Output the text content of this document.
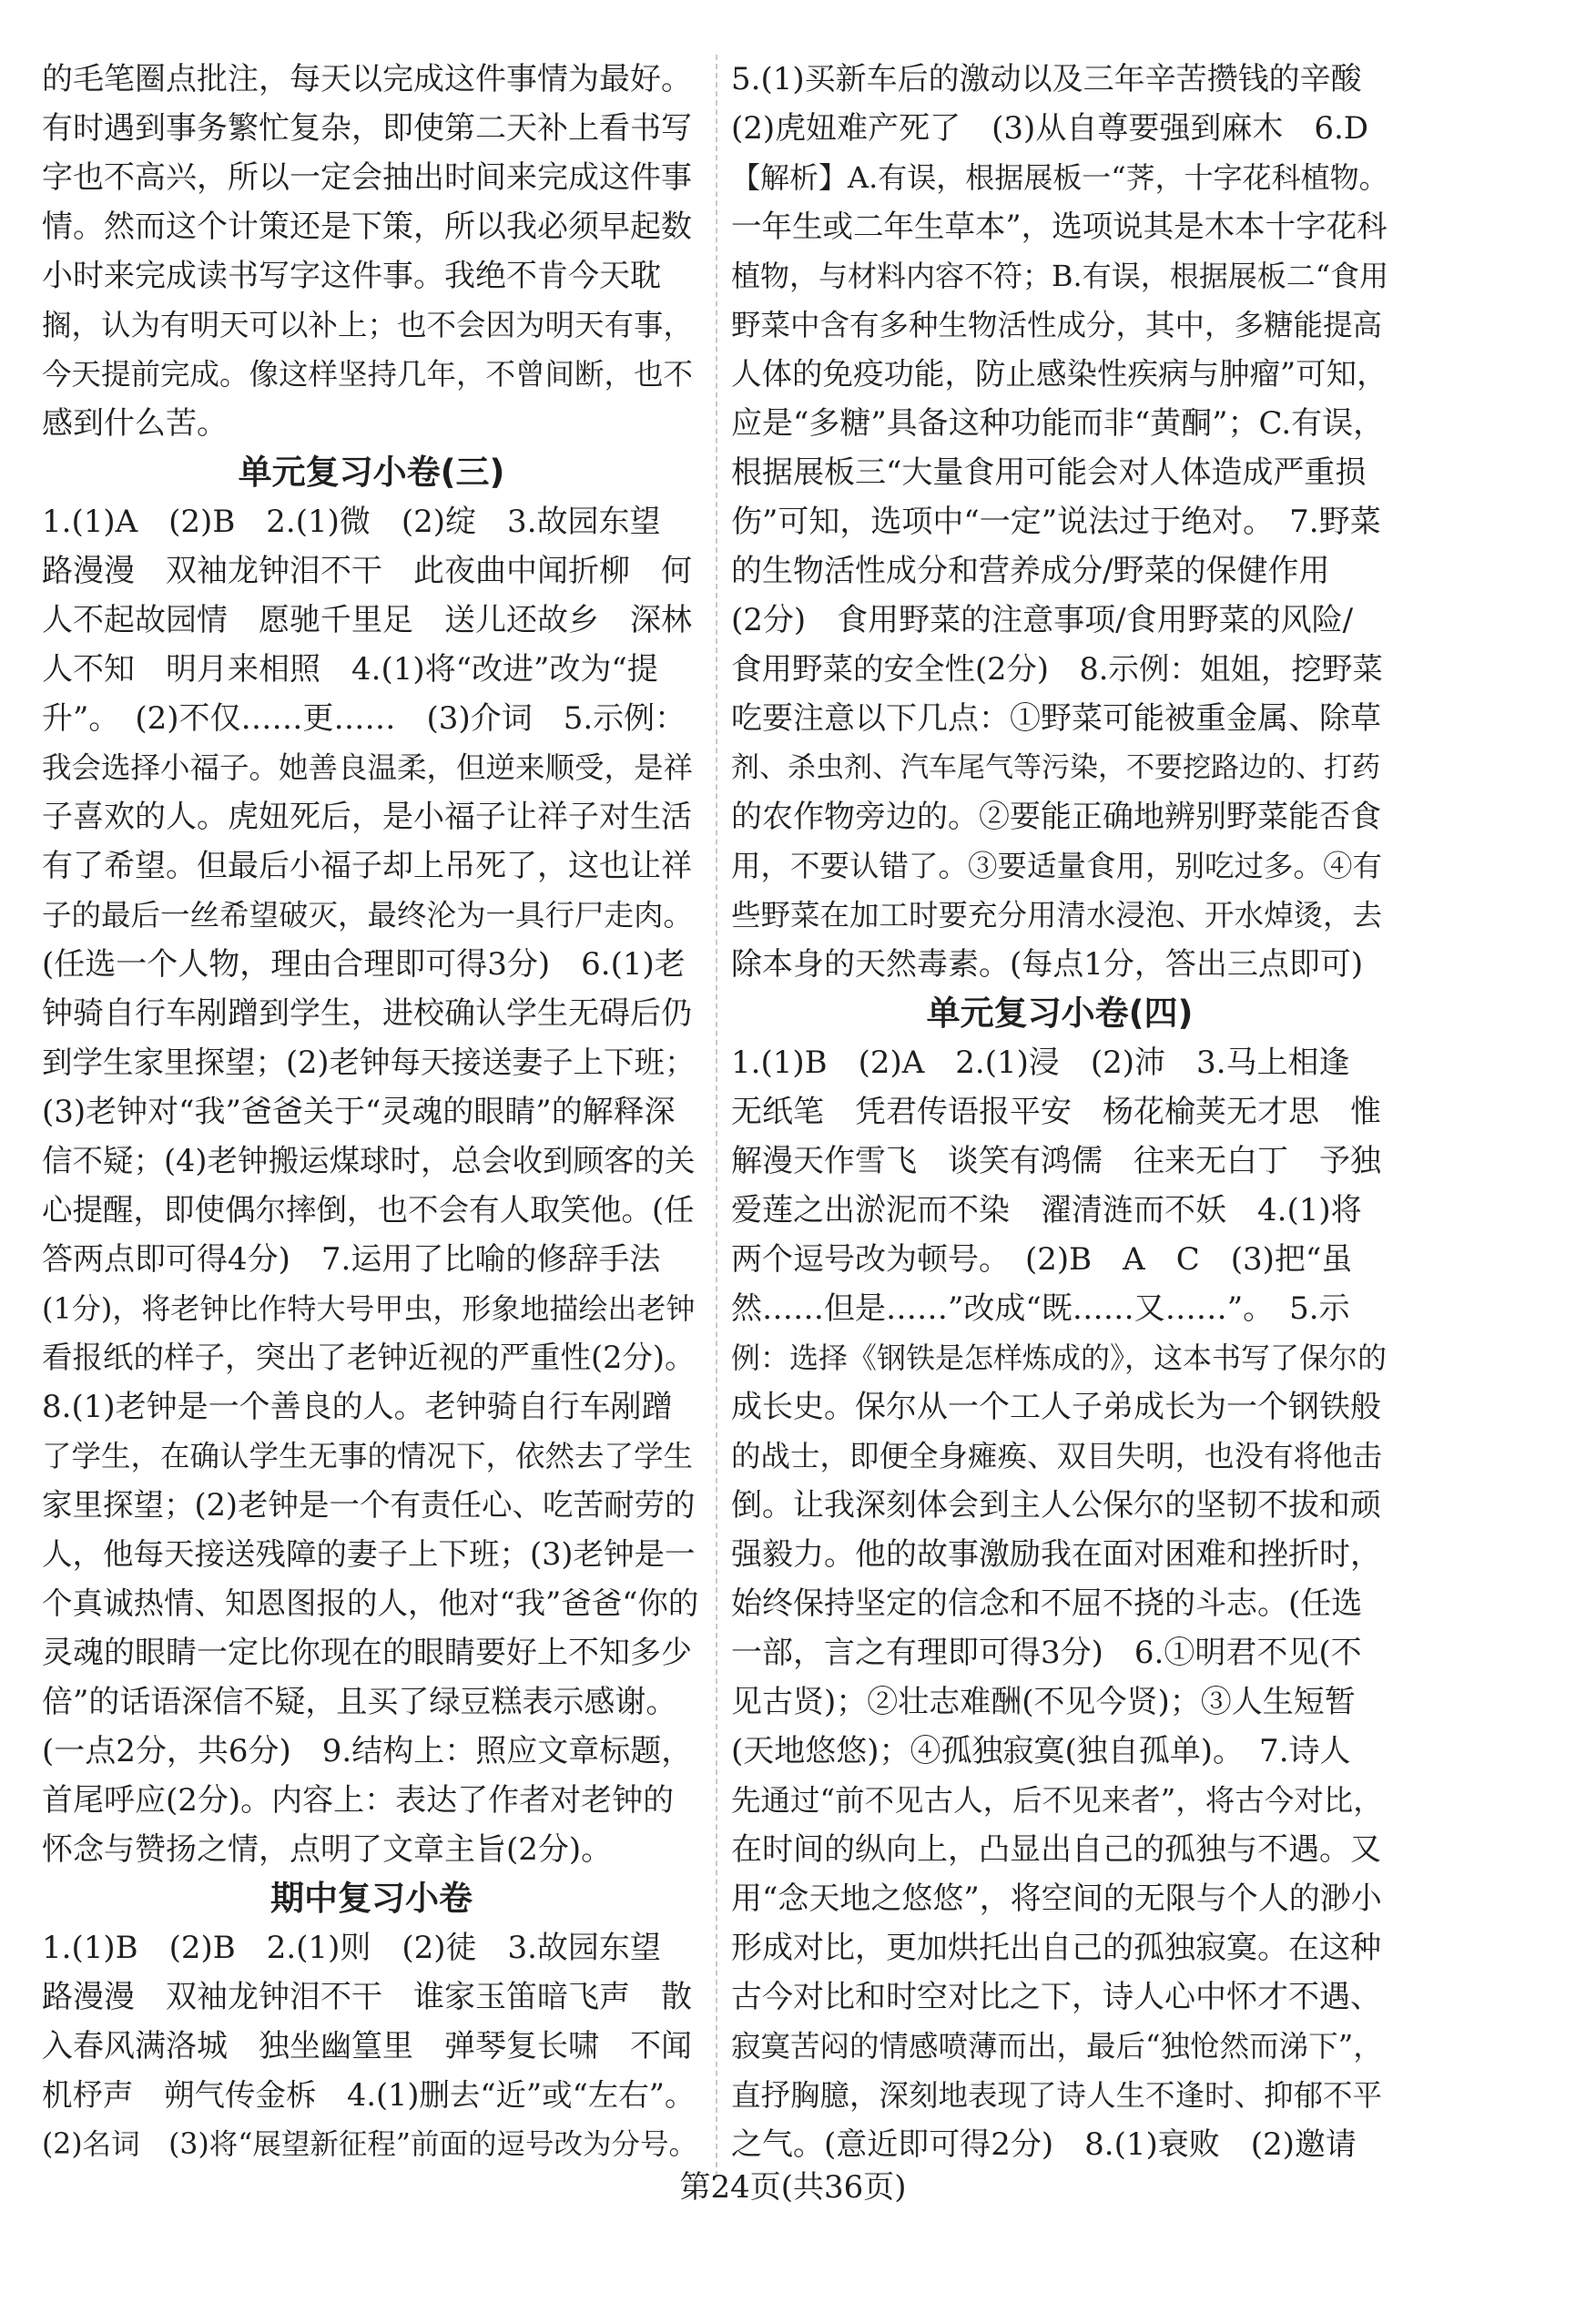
的毛笔圈点批注，每天以完成这件事情为最好。
有时遇到事务繁忙复杂，即使第二天补上看书写
字也不高兴，所以一定会抽出时间来完成这件事
情。然而这个计策还是下策，所以我必须早起数
小时来完成读书写字这件事。我绝不肯今天耽
搁，认为有明天可以补上；也不会因为明天有事，
今天提前完成。像这样坚持几年，不曾间断，也不
感到什么苦。
单元复习小卷(三)
1.(1)A　(2)B　2.(1)微　(2)绽　3.故园东望
路漫漫　双袖龙钟泪不干　此夜曲中闻折柳　何
人不起故园情　愿驰千里足　送儿还故乡　深林
人不知　明月来相照　4.(1)将“改进”改为“提
升”。　(2)不仅……更……　(3)介词　5.示例：
我会选择小福子。她善良温柔，但逆来顺受，是祥
子喜欢的人。虎妞死后，是小福子让祥子对生活
有了希望。但最后小福子却上吊死了，这也让祥
子的最后一丝希望破灭，最终沦为一具行尸走肉。
(任选一个人物，理由合理即可得3分)　6.(1)老
钟骑自行车剐蹭到学生，进校确认学生无碍后仍
到学生家里探望；(2)老钟每天接送妻子上下班；
(3)老钟对“我”爸爸关于“灵魂的眼睛”的解释深
信不疑；(4)老钟搬运煤球时，总会收到顾客的关
心提醒，即使偶尔摔倒，也不会有人取笑他。(任
答两点即可得4分)　7.运用了比喻的修辞手法
(1分)，将老钟比作特大号甲虫，形象地描绘出老钟
看报纸的样子，突出了老钟近视的严重性(2分)。
8.(1)老钟是一个善良的人。老钟骑自行车剐蹭
了学生，在确认学生无事的情况下，依然去了学生
家里探望；(2)老钟是一个有责任心、吃苦耐劳的
人，他每天接送残障的妻子上下班；(3)老钟是一
个真诚热情、知恩图报的人，他对“我”爸爸“你的
灵魂的眼睛一定比你现在的眼睛要好上不知多少
倍”的话语深信不疑，且买了绿豆糕表示感谢。
(一点2分，共6分)　9.结构上：照应文章标题，
首尾呼应(2分)。内容上：表达了作者对老钟的
怀念与赞扬之情，点明了文章主旨(2分)。
期中复习小卷
1.(1)B　(2)B　2.(1)则　(2)徒　3.故园东望
路漫漫　双袖龙钟泪不干　谁家玉笛暗飞声　散
入春风满洛城　独坐幽篁里　弹琴复长啸　不闻
机杼声　朔气传金柝　4.(1)删去“近”或“左右”。
(2)名词　(3)将“展望新征程”前面的逗号改为分号。
5.(1)买新车后的激动以及三年辛苦攒钱的辛酸
(2)虎妞难产死了　(3)从自尊要强到麻木　6.D
【解析】A.有误，根据展板一“荠，十字花科植物。
一年生或二年生草本”，选项说其是木本十字花科
植物，与材料内容不符；B.有误，根据展板二“食用
野菜中含有多种生物活性成分，其中，多糖能提高
人体的免疫功能，防止感染性疾病与肿瘤”可知，
应是“多糖”具备这种功能而非“黄酮”；C.有误，
根据展板三“大量食用可能会对人体造成严重损
伤”可知，选项中“一定”说法过于绝对。　7.野菜
的生物活性成分和营养成分/野菜的保健作用
(2分)　食用野菜的注意事项/食用野菜的风险/
食用野菜的安全性(2分)　8.示例：姐姐，挖野菜
吃要注意以下几点：①野菜可能被重金属、除草
剂、杀虫剂、汽车尾气等污染，不要挖路边的、打药
的农作物旁边的。②要能正确地辨别野菜能否食
用，不要认错了。③要适量食用，别吃过多。④有
些野菜在加工时要充分用清水浸泡、开水焯烫，去
除本身的天然毒素。(每点1分，答出三点即可)
单元复习小卷(四)
1.(1)B　(2)A　2.(1)浸　(2)沛　3.马上相逢
无纸笔　凭君传语报平安　杨花榆荚无才思　惟
解漫天作雪飞　谈笑有鸿儒　往来无白丁　予独
爱莲之出淤泥而不染　濯清涟而不妖　4.(1)将
两个逗号改为顿号。　(2)B　A　C　(3)把“虽
然……但是……”改成“既……又……”。　5.示
例：选择《钢铁是怎样炼成的》，这本书写了保尔的
成长史。保尔从一个工人子弟成长为一个钢铁般
的战士，即便全身瘫痪、双目失明，也没有将他击
倒。让我深刻体会到主人公保尔的坚韧不拔和顽
强毅力。他的故事激励我在面对困难和挫折时，
始终保持坚定的信念和不屈不挠的斗志。(任选
一部，言之有理即可得3分)　6.①明君不见(不
见古贤)；②壮志难酬(不见今贤)；③人生短暂
(天地悠悠)；④孤独寂寞(独自孤单)。　7.诗人
先通过“前不见古人，后不见来者”，将古今对比，
在时间的纵向上，凸显出自己的孤独与不遇。又
用“念天地之悠悠”，将空间的无限与个人的渺小
形成对比，更加烘托出自己的孤独寂寞。在这种
古今对比和时空对比之下，诗人心中怀才不遇、
寂寞苦闷的情感喷薄而出，最后“独怆然而涕下”，
直抒胸臆，深刻地表现了诗人生不逢时、抑郁不平
之气。(意近即可得2分)　8.(1)衰败　(2)邀请
第24页(共36页)
